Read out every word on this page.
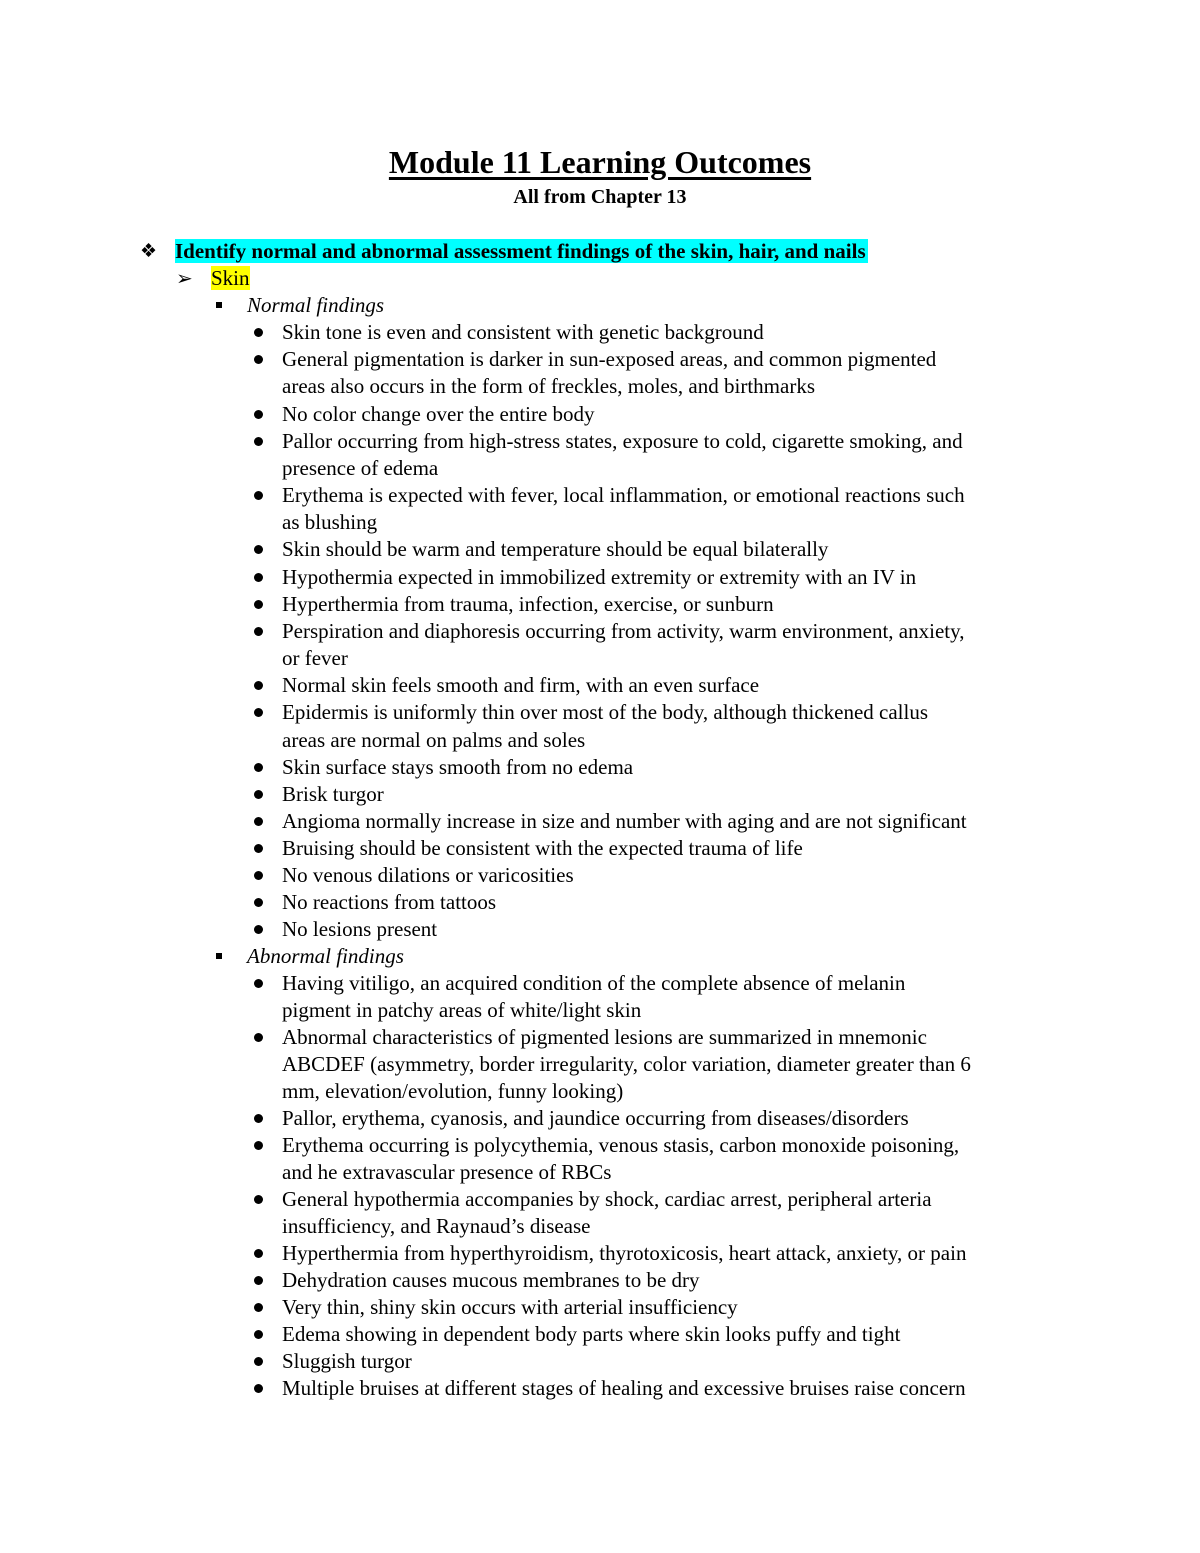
Module 11 Learning Outcomes
All from Chapter 13
❖ Identify normal and abnormal assessment findings of the skin, hair, and nails
➢ Skin
Normal findings
Skin tone is even and consistent with genetic background
General pigmentation is darker in sun-exposed areas, and common pigmented
areas also occurs in the form of freckles, moles, and birthmarks
No color change over the entire body
Pallor occurring from high-stress states, exposure to cold, cigarette smoking, and
presence of edema
Erythema is expected with fever, local inflammation, or emotional reactions such
as blushing
Skin should be warm and temperature should be equal bilaterally
Hypothermia expected in immobilized extremity or extremity with an IV in
Hyperthermia from trauma, infection, exercise, or sunburn
Perspiration and diaphoresis occurring from activity, warm environment, anxiety,
or fever
Normal skin feels smooth and firm, with an even surface
Epidermis is uniformly thin over most of the body, although thickened callus
areas are normal on palms and soles
Skin surface stays smooth from no edema
Brisk turgor
Angioma normally increase in size and number with aging and are not significant
Bruising should be consistent with the expected trauma of life
No venous dilations or varicosities
No reactions from tattoos
No lesions present
Abnormal findings
Having vitiligo, an acquired condition of the complete absence of melanin
pigment in patchy areas of white/light skin
Abnormal characteristics of pigmented lesions are summarized in mnemonic
ABCDEF (asymmetry, border irregularity, color variation, diameter greater than 6
mm, elevation/evolution, funny looking)
Pallor, erythema, cyanosis, and jaundice occurring from diseases/disorders
Erythema occurring is polycythemia, venous stasis, carbon monoxide poisoning,
and he extravascular presence of RBCs
General hypothermia accompanies by shock, cardiac arrest, peripheral arteria
insufficiency, and Raynaud’s disease
Hyperthermia from hyperthyroidism, thyrotoxicosis, heart attack, anxiety, or pain
Dehydration causes mucous membranes to be dry
Very thin, shiny skin occurs with arterial insufficiency
Edema showing in dependent body parts where skin looks puffy and tight
Sluggish turgor
Multiple bruises at different stages of healing and excessive bruises raise concern
